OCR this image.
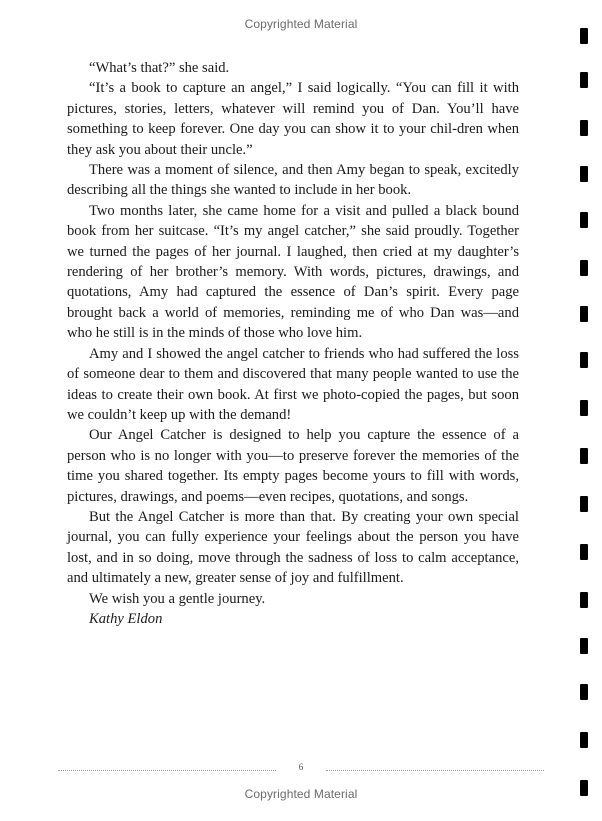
Copyrighted Material

“What’s that?” she said.

“It’s a book to capture an angel,” I said logically. “You can fill it with pictures, stories, letters, whatever will remind you of Dan. You’ll have something to keep forever. One day you can show it to your chil-dren when they ask you about their uncle.”

There was a moment of silence, and then Amy began to speak, excitedly describing all the things she wanted to include in her book.

Two months later, she came home for a visit and pulled a black bound book from her suitcase. “It’s my angel catcher,” she said proudly. Together we turned the pages of her journal. I laughed, then cried at my daughter’s rendering of her brother’s memory. With words, pictures, drawings, and quotations, Amy had captured the essence of Dan’s spirit. Every page brought back a world of memories, reminding me of who Dan was—and who he still is in the minds of those who love him.

Amy and I showed the angel catcher to friends who had suffered the loss of someone dear to them and discovered that many people wanted to use the ideas to create their own book. At first we photo-copied the pages, but soon we couldn’t keep up with the demand!

Our Angel Catcher is designed to help you capture the essence of a person who is no longer with you—to preserve forever the memories of the time you shared together. Its empty pages become yours to fill with words, pictures, drawings, and poems—even recipes, quotations, and songs.

But the Angel Catcher is more than that. By creating your own special journal, you can fully experience your feelings about the person you have lost, and in so doing, move through the sadness of loss to calm acceptance, and ultimately a new, greater sense of joy and fulfillment.

We wish you a gentle journey.

Kathy Eldon

6
Copyrighted Material
